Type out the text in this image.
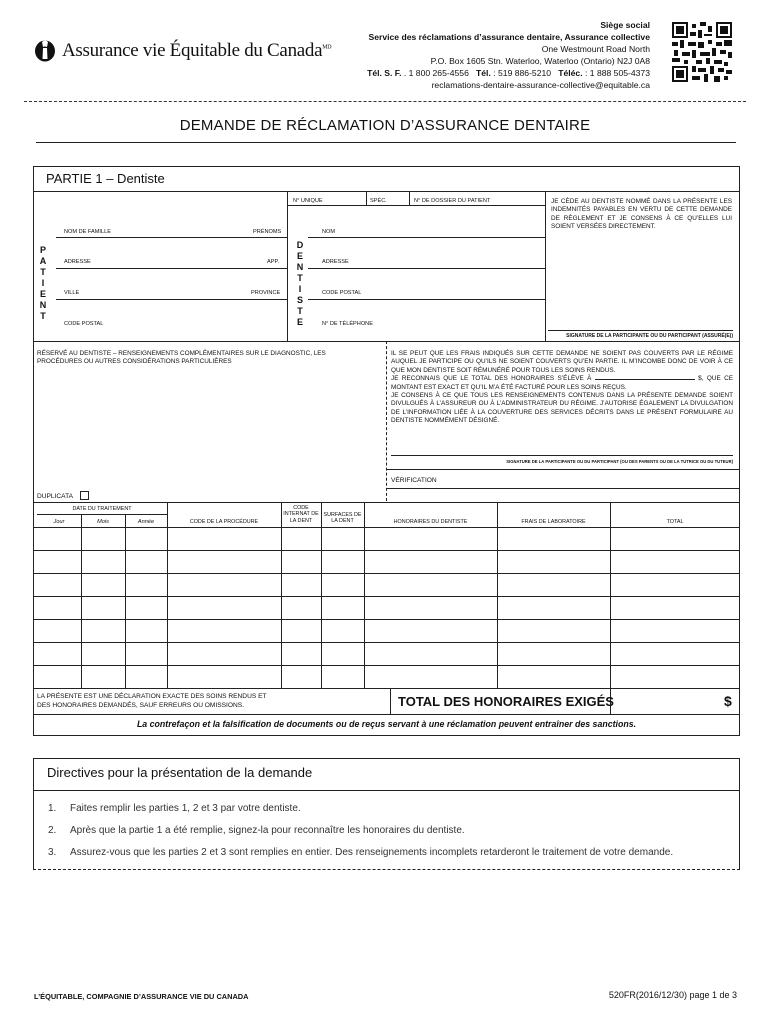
Assurance vie Équitable du Canada$^{MD}$
Siège social
Service des réclamations d’assurance dentaire, Assurance collective
One Westmount Road North
P.O. Box 1605 Stn. Waterloo, Waterloo (Ontario) N2J 0A8
Tél. S. F. . 1 800 265-4556 Tél. : 519 886-5210 Téléc. : 1 888 505-4373
reclamations-dentaire-assurance-collective@equitable.ca
DEMANDE DE RÉCLAMATION D’ASSURANCE DENTAIRE
PARTIE 1 – Dentiste
P
A
T
I
E
N
T
NOM DE FAMILLE	PRÉNOMS
ADRESSE	APP.
VILLE	PROVINCE
CODE POSTAL
D
E
N
T
I
S
T
E
N° UNIQUE	SPÉC.	N° DE DOSSIER DU PATIENT
NOM
ADRESSE
CODE POSTAL
N° DE TÉLÉPHONE
JE CÈDE AU DENTISTE NOMMÉ DANS LA PRÉSENTE LES INDEMNITÉS PAYABLES EN VERTU DE CETTE DEMANDE DE RÈGLEMENT ET JE CONSENS À CE QU’ELLES LUI SOIENT VERSÉES DIRECTEMENT.
SIGNATURE DE LA PARTICIPANTE OU DU PARTICIPANT (ASSURÉ(E))
RÉSERVÉ AU DENTISTE – RENSEIGNEMENTS COMPLÉMENTAIRES SUR LE DIAGNOSTIC, LES PROCÉDURES OU AUTRES CONSIDÉRATIONS PARTICULIÈRES
IL SE PEUT QUE LES FRAIS INDIQUÉS SUR CETTE DEMANDE NE SOIENT PAS COUVERTS PAR LE RÉGIME AUQUEL JE PARTICIPE OU QU’ILS NE SOIENT COUVERTS QU’EN PARTIE. IL M’INCOMBE DONC DE VOIR À CE QUE MON DENTISTE SOIT RÉMUNÉRÉ POUR TOUS LES SOINS RENDUS.
JE RECONNAIS QUE LE TOTAL DES HONORAIRES S’ÉLÈVE À	$, QUE CE MONTANT EST EXACT ET QU’IL M’A ÉTÉ FACTURÉ POUR LES SOINS REÇUS.
JE CONSENS À CE QUE TOUS LES RENSEIGNEMENTS CONTENUS DANS LA PRÉSENTE DEMANDE SOIENT DIVULGUÉS À L’ASSUREUR OU À L’ADMINISTRATEUR DU RÉGIME. J’AUTORISE ÉGALEMENT LA DIVULGATION DE L’INFORMATION LIÉE À LA COUVERTURE DES SERVICES DÉCRITS DANS LE PRÉSENT FORMULAIRE AU DENTISTE NOMMÉMENT DÉSIGNÉ.
SIGNATURE DE LA PARTICIPANTE OU DU PARTICIPANT (OU DES PARENTS OU DE LA TUTRICE OU DU TUTEUR)
VÉRIFICATION
DUPLICATA
DATE DU TRAITEMENT
Jour	Mois	Année	CODE DE LA PROCÉDURE
CODE INTERNAT DE LA DENT
SURFACES DE LA DENT	HONORAIRES DU DENTISTE	FRAIS DE LABORATOIRE	TOTAL
LA PRÉSENTE EST UNE DÉCLARATION EXACTE DES SOINS RENDUS ET DES HONORAIRES DEMANDÉS, SAUF ERREURS OU OMISSIONS.	TOTAL DES HONORAIRES EXIGÉS	$
La contrefaçon et la falsification de documents ou de reçus servant à une réclamation peuvent entraîner des sanctions.
Directives pour la présentation de la demande
1. Faites remplir les parties 1, 2 et 3 par votre dentiste.
2. Après que la partie 1 a été remplie, signez-la pour reconnaître les honoraires du dentiste.
3. Assurez-vous que les parties 2 et 3 sont remplies en entier. Des renseignements incomplets retarderont le traitement de votre demande.
L’ÉQUITABLE, COMPAGNIE D’ASSURANCE VIE DU CANADA	520FR(2016/12/30) page 1 de 3
